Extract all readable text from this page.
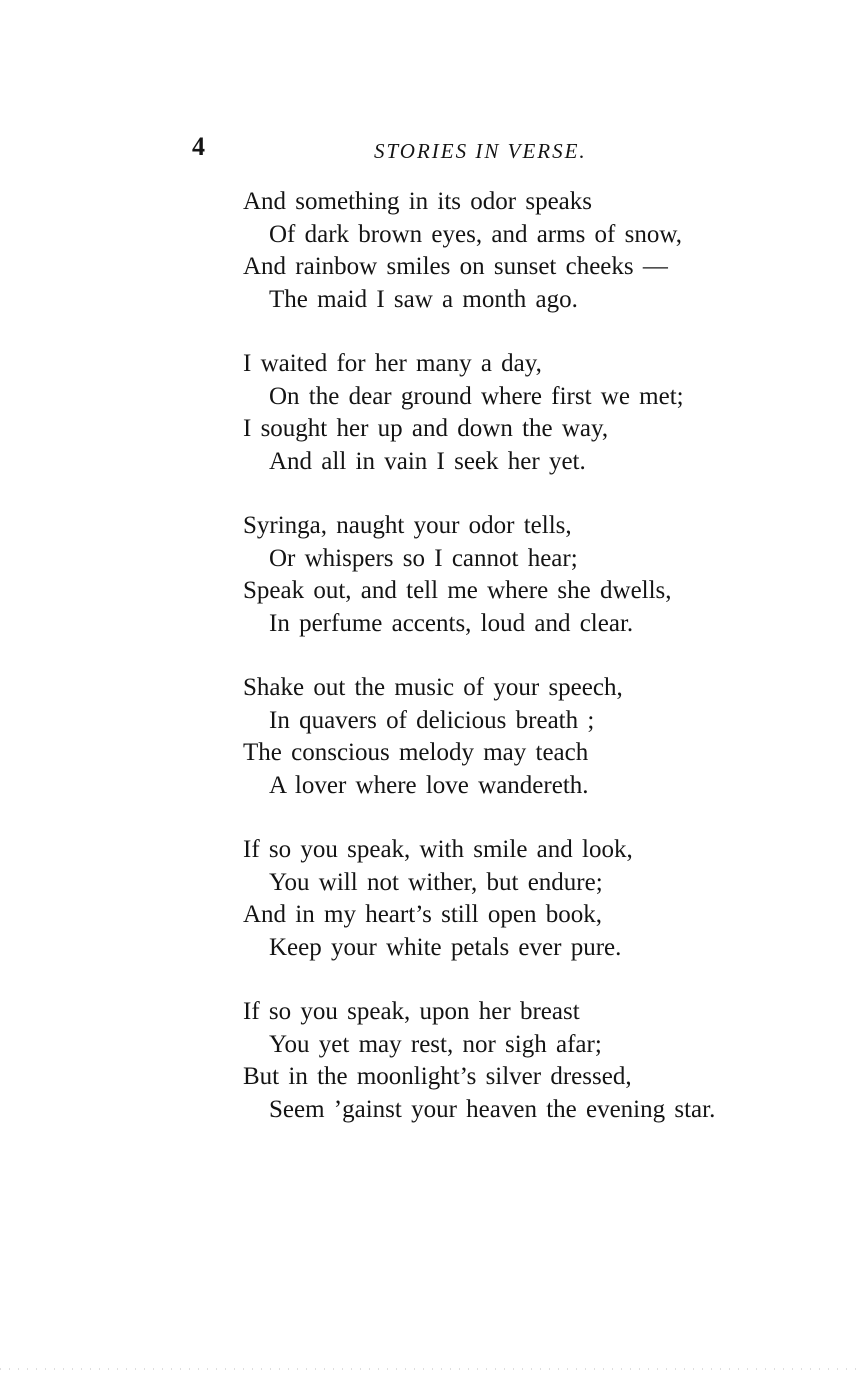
4	STORIES IN VERSE.
And something in its odor speaks
Of dark brown eyes, and arms of snow,
And rainbow smiles on sunset cheeks —
The maid I saw a month ago.
I waited for her many a day,
On the dear ground where first we met;
I sought her up and down the way,
And all in vain I seek her yet.
Syringa, naught your odor tells,
Or whispers so I cannot hear;
Speak out, and tell me where she dwells,
In perfume accents, loud and clear.
Shake out the music of your speech,
In quavers of delicious breath ;
The conscious melody may teach
A lover where love wandereth.
If so you speak, with smile and look,
You will not wither, but endure;
And in my heart’s still open book,
Keep your white petals ever pure.
If so you speak, upon her breast
You yet may rest, nor sigh afar;
But in the moonlight’s silver dressed,
Seem ’gainst your heaven the evening star.
